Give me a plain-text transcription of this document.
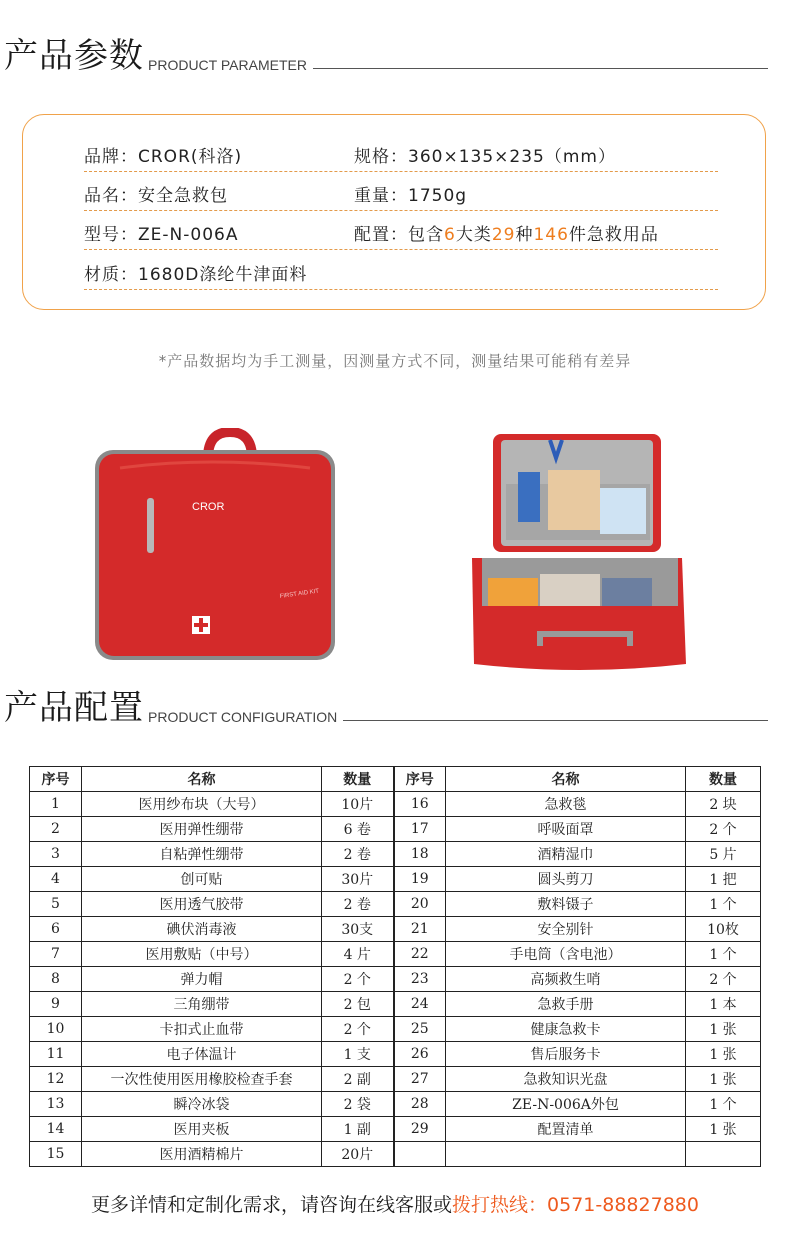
产品参数 PRODUCT PARAMETER
品牌：CROR(科洛)	规格：360×135×235（mm）
品名：安全急救包	重量：1750g
型号：ZE-N-006A	配置：包含6大类29种146件急救用品
材质：1680D涤纶牛津面料
*产品数据均为手工测量，因测量方式不同，测量结果可能稍有差异
CROR
FIRST AID KIT
产品配置 PRODUCT CONFIGURATION
序号	名称	数量	序号	名称	数量
1	医用纱布块（大号）	10片	16	急救毯	2 块
2	医用弹性绷带	6 卷	17	呼吸面罩	2 个
3	自粘弹性绷带	2 卷	18	酒精湿巾	5 片
4	创可贴	30片	19	圆头剪刀	1 把
5	医用透气胶带	2 卷	20	敷料镊子	1 个
6	碘伏消毒液	30支	21	安全别针	10枚
7	医用敷贴（中号）	4 片	22	手电筒（含电池）	1 个
8	弹力帽	2 个	23	高频救生哨	2 个
9	三角绷带	2 包	24	急救手册	1 本
10	卡扣式止血带	2 个	25	健康急救卡	1 张
11	电子体温计	1 支	26	售后服务卡	1 张
12	一次性使用医用橡胶检查手套	2 副	27	急救知识光盘	1 张
13	瞬冷冰袋	2 袋	28	ZE-N-006A外包	1 个
14	医用夹板	1 副	29	配置清单	1 张
15	医用酒精棉片	20片			
更多详情和定制化需求，请咨询在线客服或拨打热线：0571-88827880
